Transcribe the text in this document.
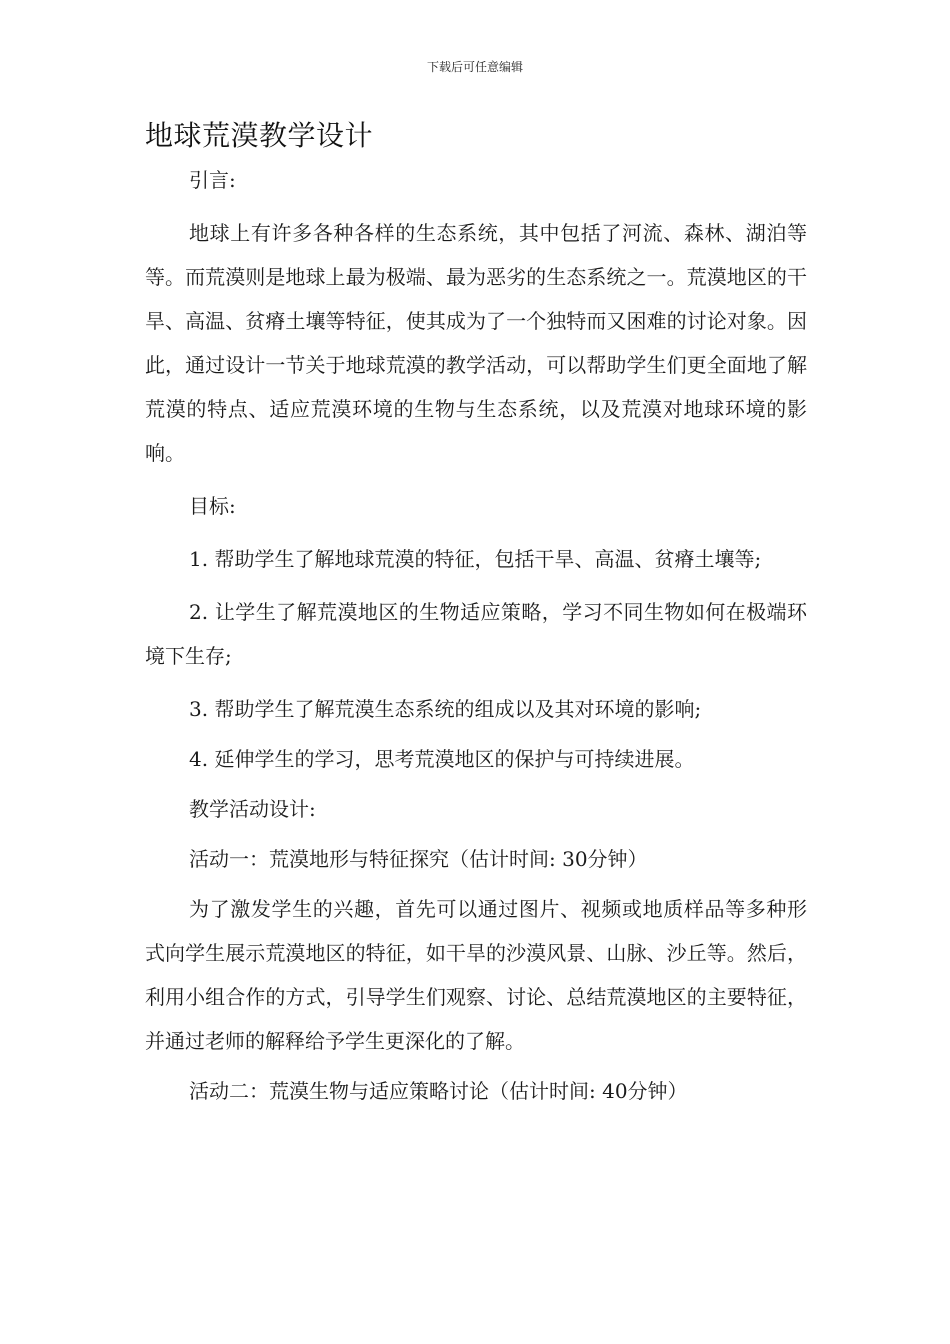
下载后可任意编辑
地球荒漠教学设计

引言:

地球上有许多各种各样的生态系统，其中包括了河流、森林、湖泊等等。而荒漠则是地球上最为极端、最为恶劣的生态系统之一。荒漠地区的干旱、高温、贫瘠土壤等特征，使其成为了一个独特而又困难的讨论对象。因此，通过设计一节关于地球荒漠的教学活动，可以帮助学生们更全面地了解荒漠的特点、适应荒漠环境的生物与生态系统，以及荒漠对地球环境的影响。

目标:

1. 帮助学生了解地球荒漠的特征，包括干旱、高温、贫瘠土壤等;

2. 让学生了解荒漠地区的生物适应策略，学习不同生物如何在极端环境下生存;

3. 帮助学生了解荒漠生态系统的组成以及其对环境的影响;

4. 延伸学生的学习，思考荒漠地区的保护与可持续进展。

教学活动设计:

活动一：荒漠地形与特征探究（估计时间: 30分钟）

为了激发学生的兴趣，首先可以通过图片、视频或地质样品等多种形式向学生展示荒漠地区的特征，如干旱的沙漠风景、山脉、沙丘等。然后，利用小组合作的方式，引导学生们观察、讨论、总结荒漠地区的主要特征，并通过老师的解释给予学生更深化的了解。

活动二：荒漠生物与适应策略讨论（估计时间: 40分钟）
